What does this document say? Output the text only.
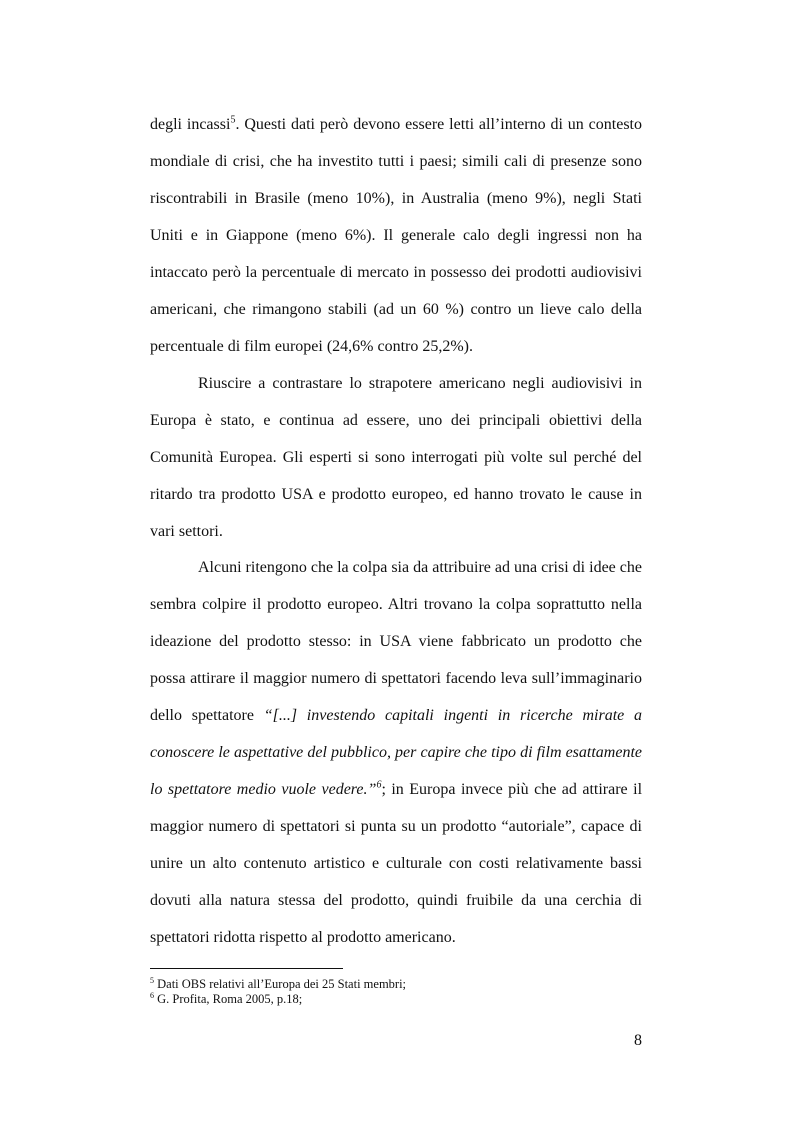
degli incassi$^5$. Questi dati però devono essere letti all’interno di un contesto mondiale di crisi, che ha investito tutti i paesi; simili cali di presenze sono riscontrabili in Brasile (meno 10%), in Australia (meno 9%), negli Stati Uniti e in Giappone (meno 6%). Il generale calo degli ingressi non ha intaccato però la percentuale di mercato in possesso dei prodotti audiovisivi americani, che rimangono stabili (ad un 60 %) contro un lieve calo della percentuale di film europei (24,6% contro 25,2%).

Riuscire a contrastare lo strapotere americano negli audiovisivi in Europa è stato, e continua ad essere, uno dei principali obiettivi della Comunità Europea. Gli esperti si sono interrogati più volte sul perché del ritardo tra prodotto USA e prodotto europeo, ed hanno trovato le cause in vari settori.

Alcuni ritengono che la colpa sia da attribuire ad una crisi di idee che sembra colpire il prodotto europeo. Altri trovano la colpa soprattutto nella ideazione del prodotto stesso: in USA viene fabbricato un prodotto che possa attirare il maggior numero di spettatori facendo leva sull’immaginario dello spettatore “[...] investendo capitali ingenti in ricerche mirate a conoscere le aspettative del pubblico, per capire che tipo di film esattamente lo spettatore medio vuole vedere.”$^6$; in Europa invece più che ad attirare il maggior numero di spettatori si punta su un prodotto “autoriale”, capace di unire un alto contenuto artistico e culturale con costi relativamente bassi dovuti alla natura stessa del prodotto, quindi fruibile da una cerchia di spettatori ridotta rispetto al prodotto americano.

$^5$ Dati OBS relativi all’Europa dei 25 Stati membri;

$^6$ G. Profita, Roma 2005, p.18;

8
